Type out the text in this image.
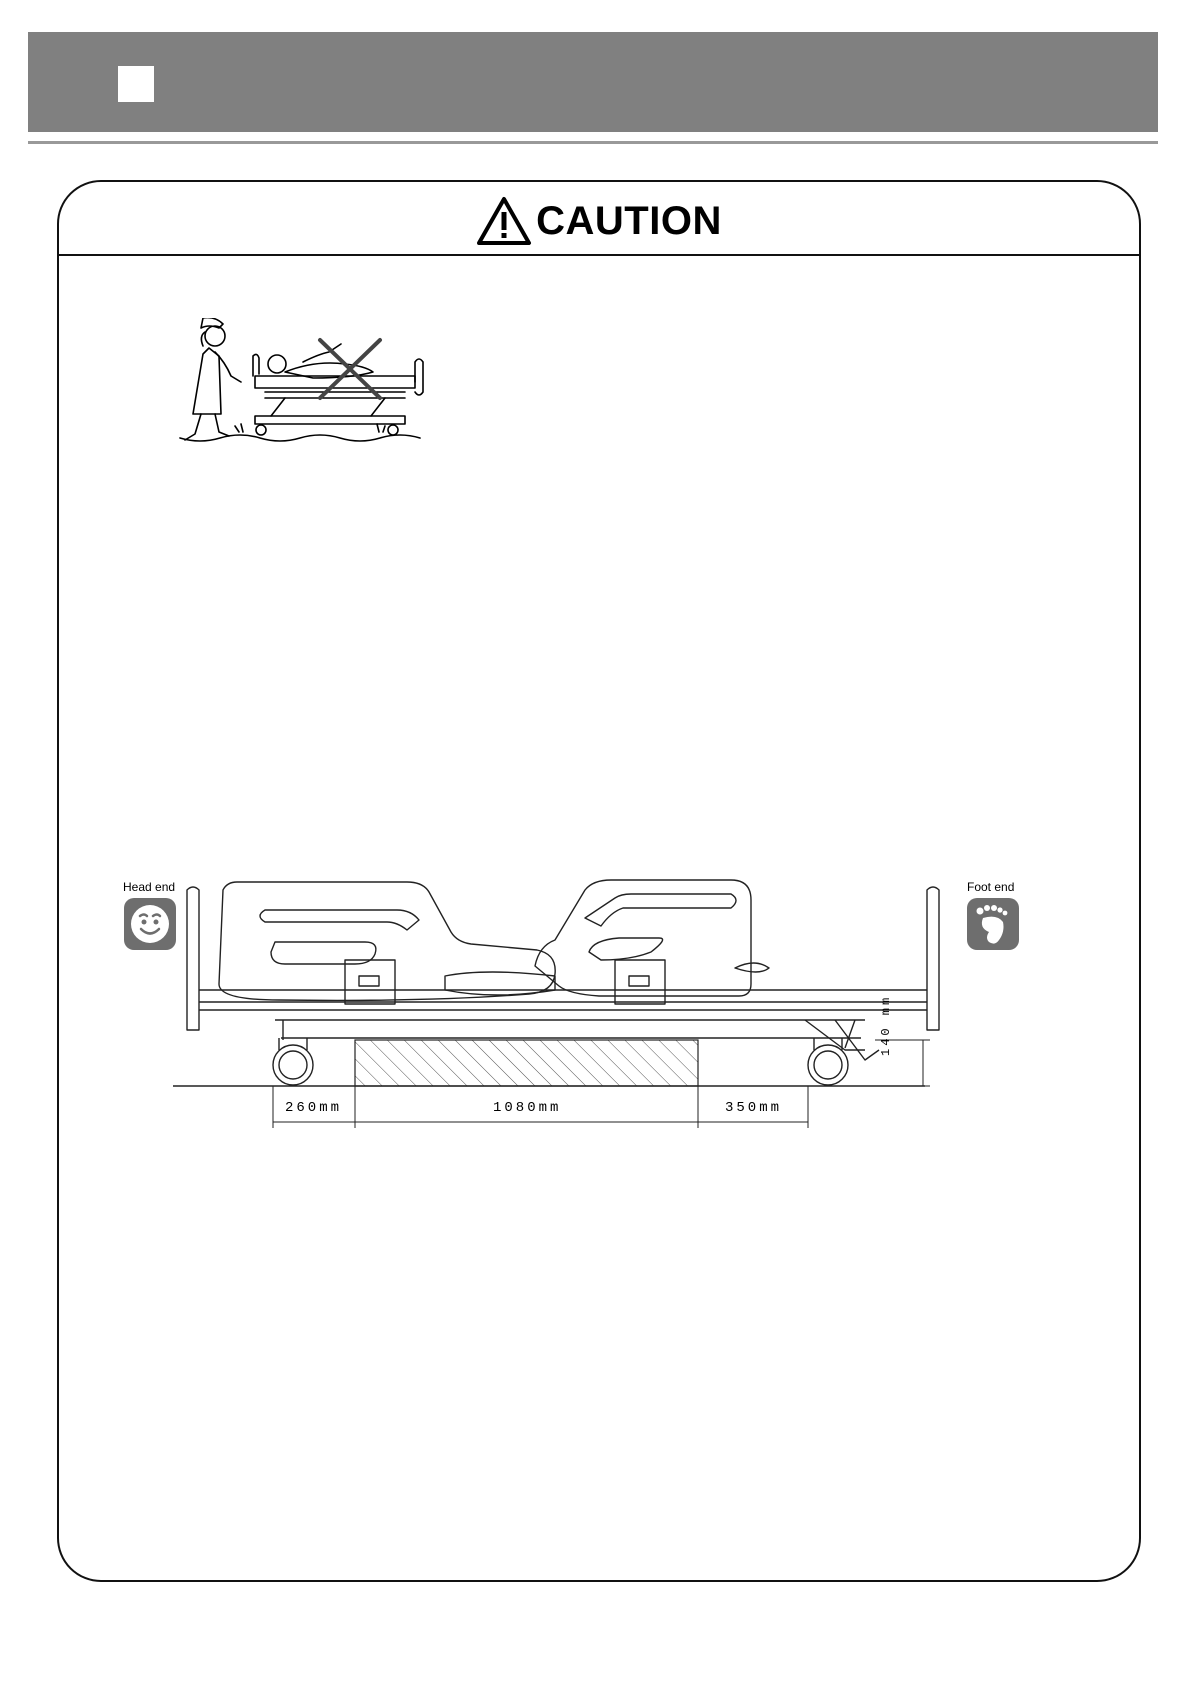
CAUTION
Head end	Foot end
260mm	1080mm	350mm
140 mm
